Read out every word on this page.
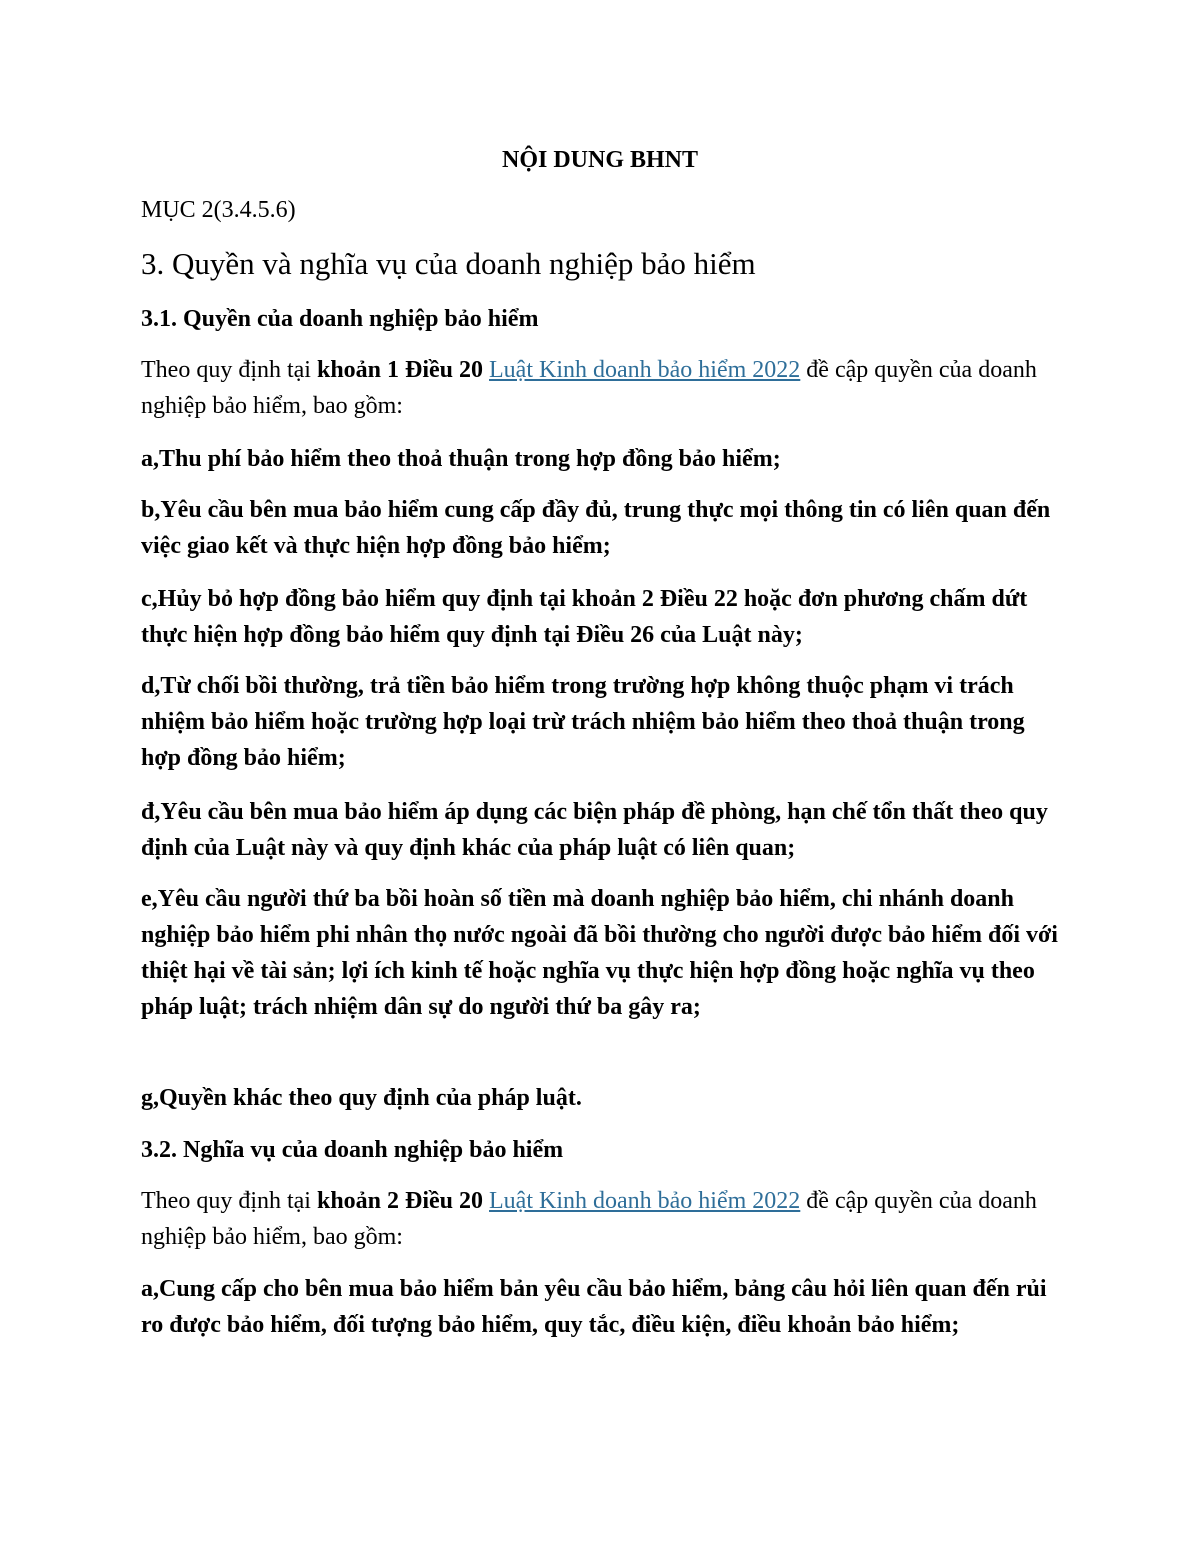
NỘI DUNG BHNT

MỤC 2(3.4.5.6)

3. Quyền và nghĩa vụ của doanh nghiệp bảo hiểm
3.1. Quyền của doanh nghiệp bảo hiểm

Theo quy định tại khoản 1 Điều 20 Luật Kinh doanh bảo hiểm 2022 đề cập quyền của doanh nghiệp bảo hiểm, bao gồm:

a,Thu phí bảo hiểm theo thoả thuận trong hợp đồng bảo hiểm;

b,Yêu cầu bên mua bảo hiểm cung cấp đầy đủ, trung thực mọi thông tin có liên quan đến việc giao kết và thực hiện hợp đồng bảo hiểm;

c,Hủy bỏ hợp đồng bảo hiểm quy định tại khoản 2 Điều 22 hoặc đơn phương chấm dứt thực hiện hợp đồng bảo hiểm quy định tại Điều 26 của Luật này;

d,Từ chối bồi thường, trả tiền bảo hiểm trong trường hợp không thuộc phạm vi trách nhiệm bảo hiểm hoặc trường hợp loại trừ trách nhiệm bảo hiểm theo thoả thuận trong hợp đồng bảo hiểm;

đ,Yêu cầu bên mua bảo hiểm áp dụng các biện pháp đề phòng, hạn chế tổn thất theo quy định của Luật này và quy định khác của pháp luật có liên quan;

e,Yêu cầu người thứ ba bồi hoàn số tiền mà doanh nghiệp bảo hiểm, chi nhánh doanh nghiệp bảo hiểm phi nhân thọ nước ngoài đã bồi thường cho người được bảo hiểm đối với thiệt hại về tài sản; lợi ích kinh tế hoặc nghĩa vụ thực hiện hợp đồng hoặc nghĩa vụ theo pháp luật; trách nhiệm dân sự do người thứ ba gây ra;

g,Quyền khác theo quy định của pháp luật.

3.2. Nghĩa vụ của doanh nghiệp bảo hiểm

Theo quy định tại khoản 2 Điều 20 Luật Kinh doanh bảo hiểm 2022 đề cập quyền của doanh nghiệp bảo hiểm, bao gồm:

a,Cung cấp cho bên mua bảo hiểm bản yêu cầu bảo hiểm, bảng câu hỏi liên quan đến rủi ro được bảo hiểm, đối tượng bảo hiểm, quy tắc, điều kiện, điều khoản bảo hiểm;
